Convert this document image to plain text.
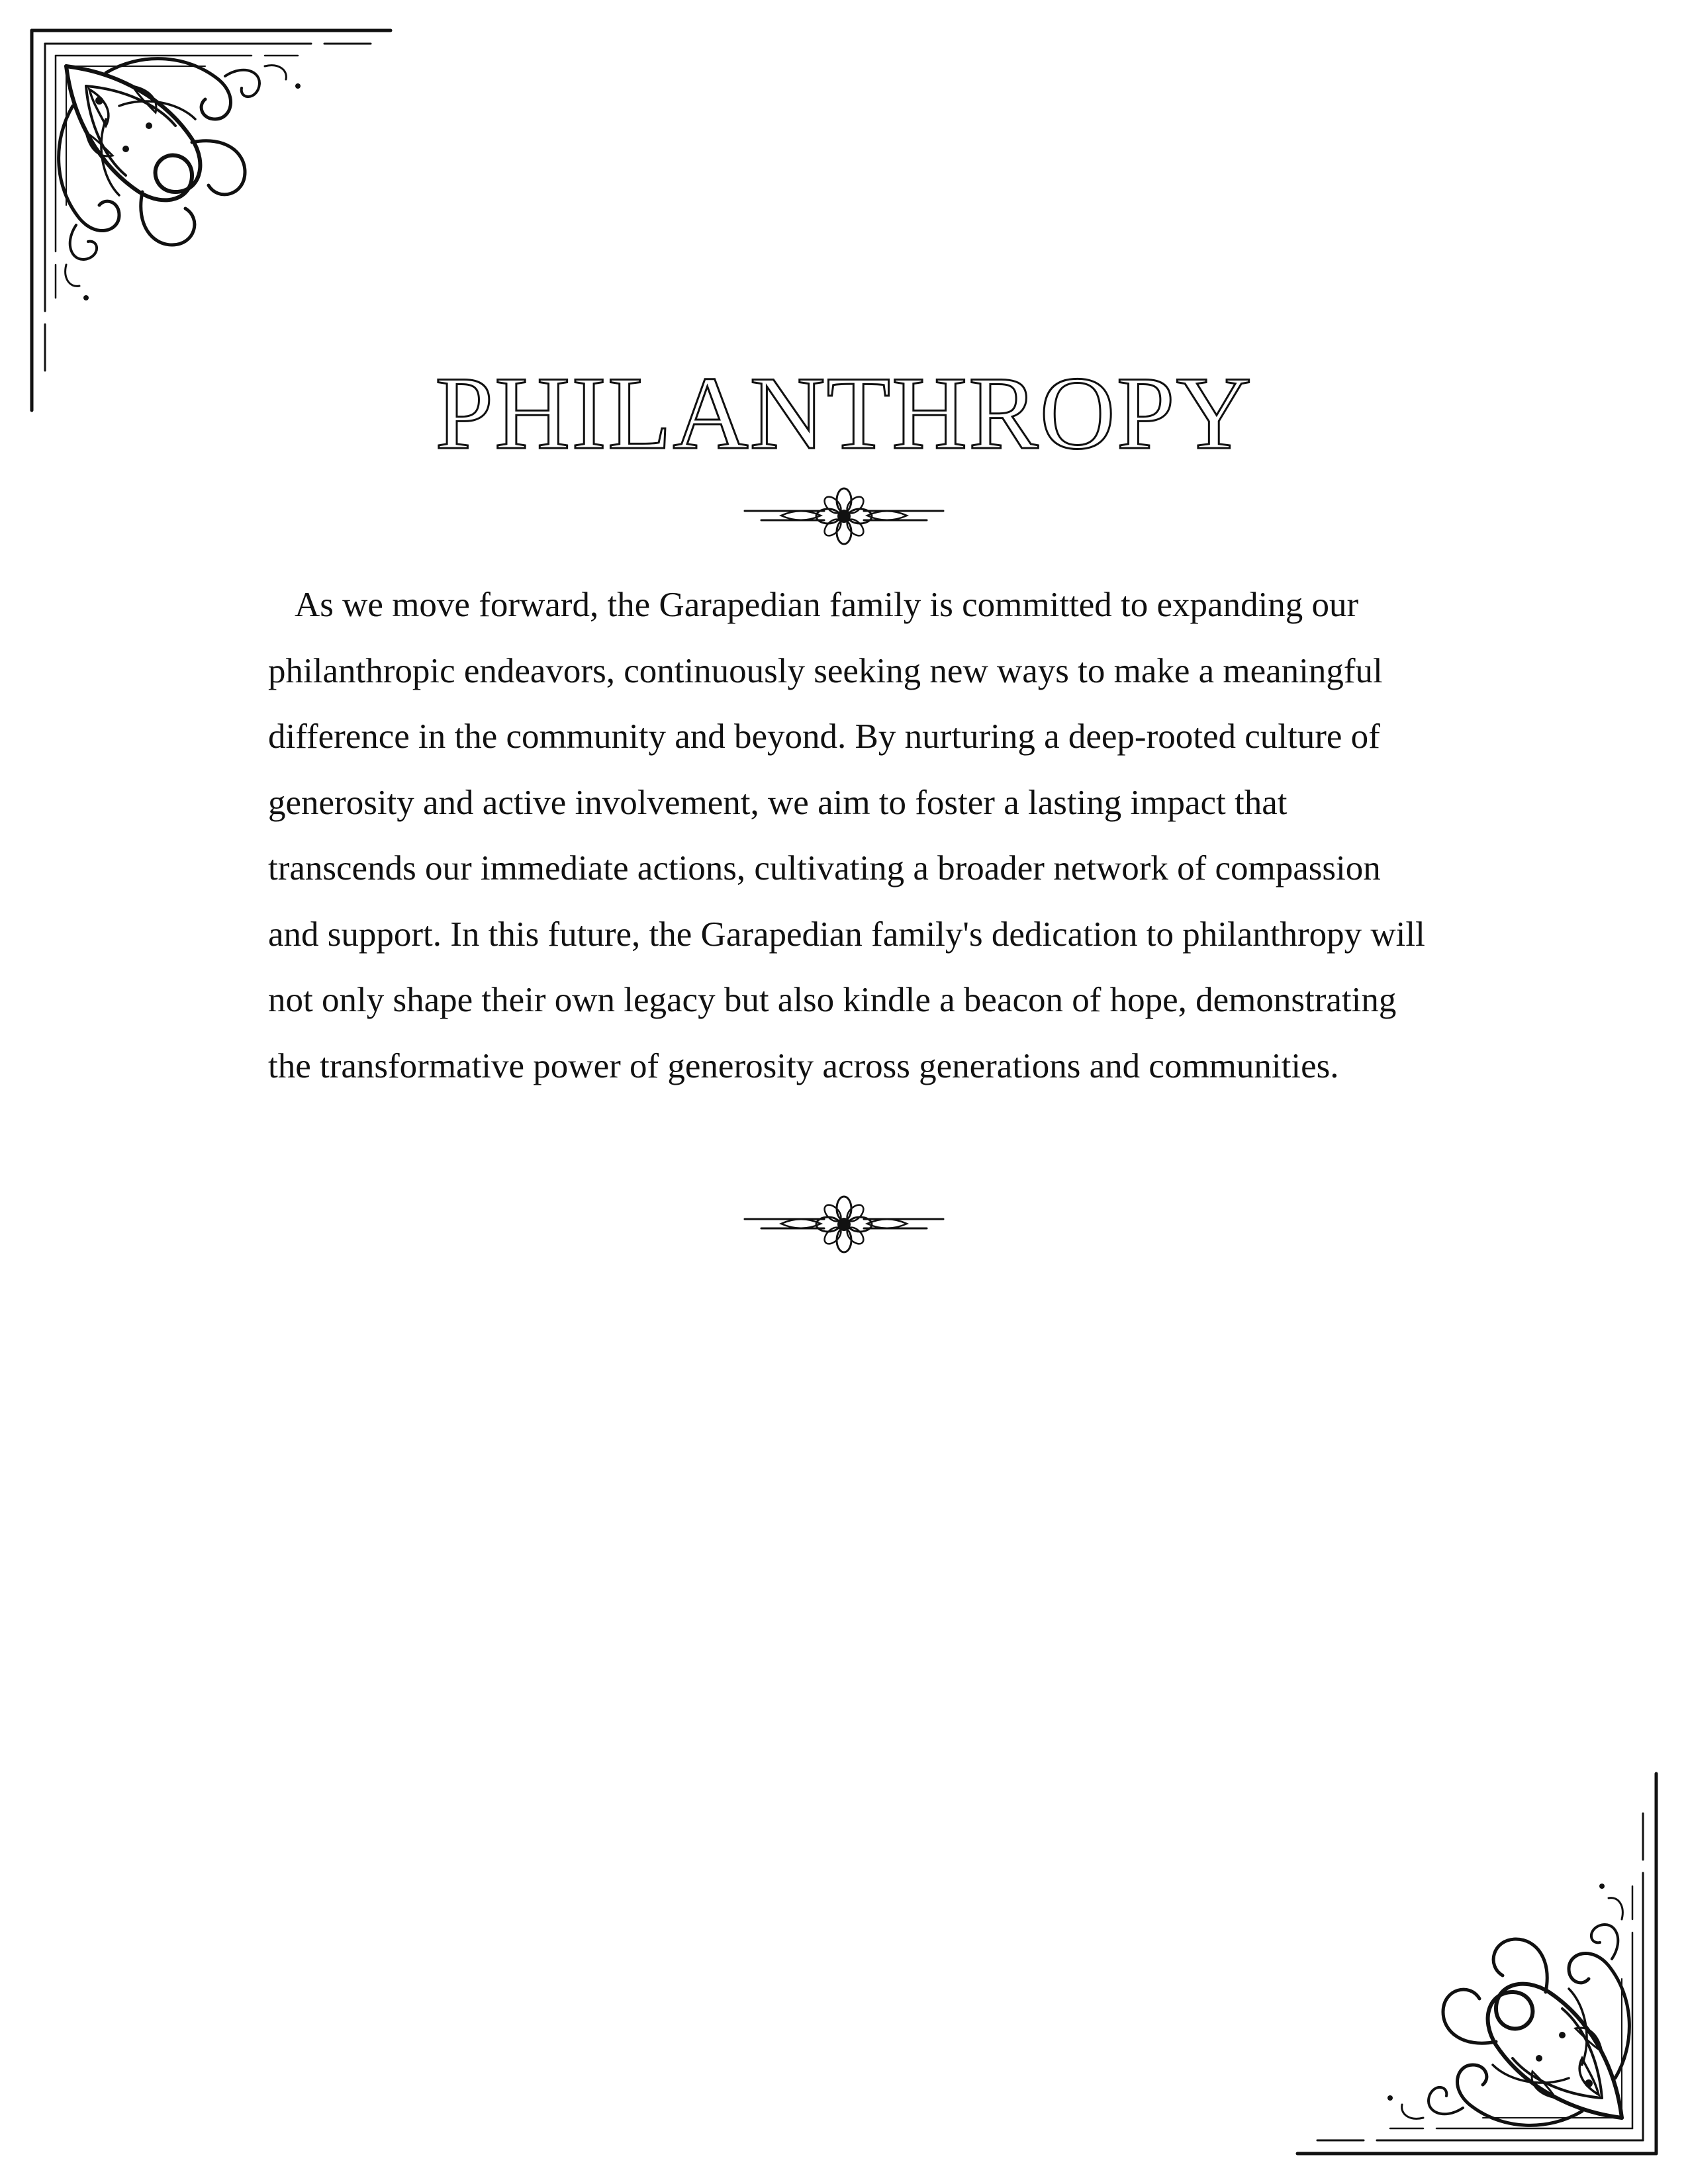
PHILANTHROPY

As we move forward, the Garapedian family is committed to expanding our philanthropic endeavors, continuously seeking new ways to make a meaningful difference in the community and beyond. By nurturing a deep-rooted culture of generosity and active involvement, we aim to foster a lasting impact that transcends our immediate actions, cultivating a broader network of compassion and support. In this future, the Garapedian family's dedication to philanthropy will not only shape their own legacy but also kindle a beacon of hope, demonstrating the transformative power of generosity across generations and communities.
